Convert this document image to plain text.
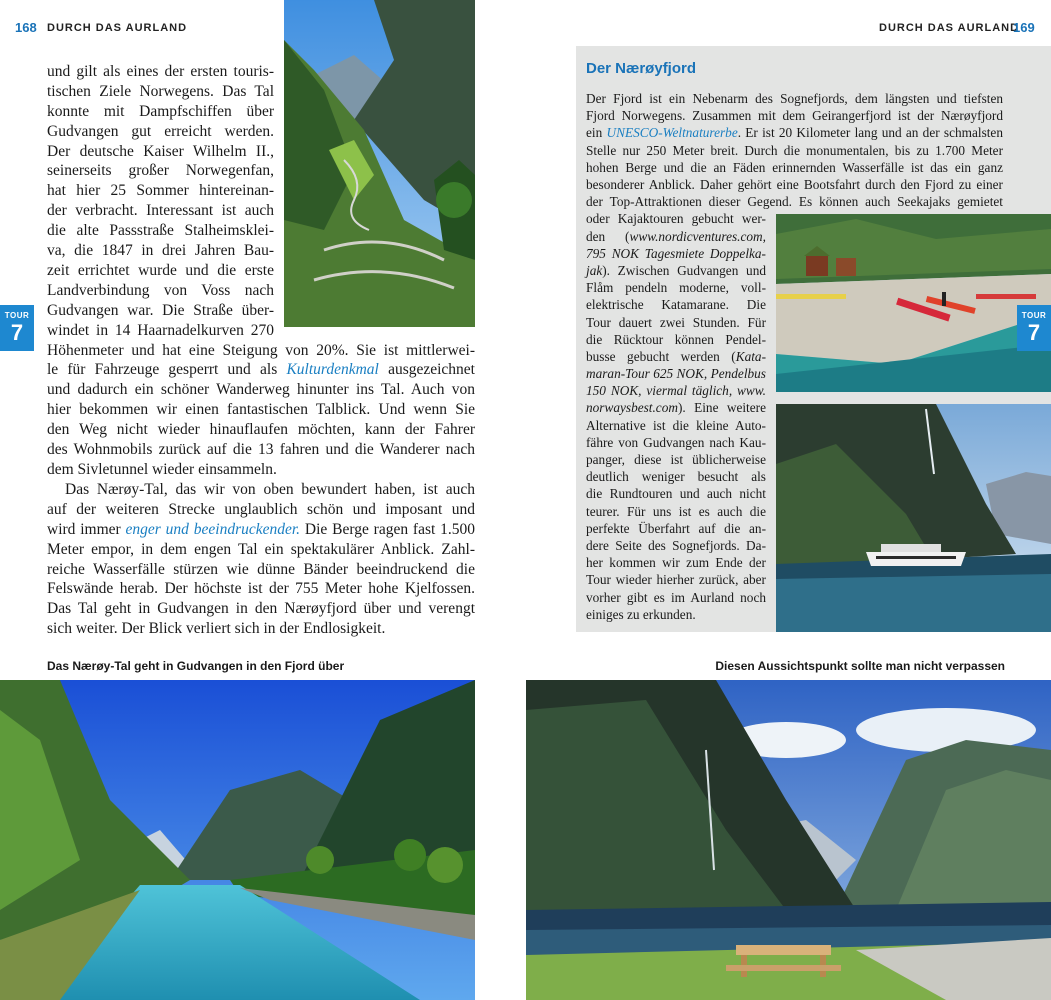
168 DURCH DAS AURLAND
TOUR
7
und gilt als eines der ersten touris-
tischen Ziele Norwegens. Das Tal
konnte mit Dampfschiffen über
Gudvangen gut erreicht werden.
Der deutsche Kaiser Wilhelm II.,
seinerseits großer Norwegenfan,
hat hier 25 Sommer hintereinan-
der verbracht. Interessant ist auch
die alte Passstraße Stalheimsklei-
va, die 1847 in drei Jahren Bau-
zeit errichtet wurde und die erste
Landverbindung von Voss nach
Gudvangen war. Die Straße über-
windet in 14 Haarnadelkurven 270
Höhenmeter und hat eine Steigung von 20%. Sie ist mittlerwei-
le für Fahrzeuge gesperrt und als Kulturdenkmal ausgezeichnet
und dadurch ein schöner Wanderweg hinunter ins Tal. Auch von
hier bekommen wir einen fantastischen Talblick. Und wenn Sie
den Weg nicht wieder hinauflaufen möchten, kann der Fahrer
des Wohnmobils zurück auf die 13 fahren und die Wanderer nach
dem Sivletunnel wieder einsammeln.
Das Nærøy-Tal, das wir von oben bewundert haben, ist auch
auf der weiteren Strecke unglaublich schön und imposant und
wird immer enger und beeindruckender. Die Berge ragen fast 1.500
Meter empor, in dem engen Tal ein spektakulärer Anblick. Zahl-
reiche Wasserfälle stürzen wie dünne Bänder beeindruckend die
Felswände herab. Der höchste ist der 755 Meter hohe Kjelfossen.
Das Tal geht in Gudvangen in den Nærøyfjord über und verengt
sich weiter. Der Blick verliert sich in der Endlosigkeit.
Das Nærøy-Tal geht in Gudvangen in den Fjord über
DURCH DAS AURLAND
169
Der Nærøyfjord
Der Fjord ist ein Nebenarm des Sognefjords, dem längsten und tiefsten
Fjord Norwegens. Zusammen mit dem Geirangerfjord ist der Nærøyfjord
ein UNESCO-Weltnaturerbe. Er ist 20 Kilometer lang und an der schmalsten
Stelle nur 250 Meter breit. Durch die monumentalen, bis zu 1.700 Meter
hohen Berge und die an Fäden erinnernden Wasserfälle ist das ein ganz
besonderer Anblick. Daher gehört eine Bootsfahrt durch den Fjord zu einer
der Top-Attraktionen dieser Gegend. Es können auch Seekajaks gemietet
oder Kajaktouren gebucht wer-
den (www.nordicventures.com,
795 NOK Tagesmiete Doppelka-
jak). Zwischen Gudvangen und
Flåm pendeln moderne, voll-
elektrische Katamarane. Die
Tour dauert zwei Stunden. Für
die Rücktour können Pendel-
busse gebucht werden (Kata-
maran-Tour 625 NOK, Pendelbus
150 NOK, viermal täglich, www.
norwaysbest.com). Eine weitere
Alternative ist die kleine Auto-
fähre von Gudvangen nach Kau-
panger, diese ist üblicherweise
deutlich weniger besucht als
die Rundtouren und auch nicht
teurer. Für uns ist es auch die
perfekte Überfahrt auf die an-
dere Seite des Sognefjords. Da-
her kommen wir zum Ende der
Tour wieder hierher zurück, aber
vorher gibt es im Aurland noch
einiges zu erkunden.
TOUR
7
Diesen Aussichtspunkt sollte man nicht verpassen
